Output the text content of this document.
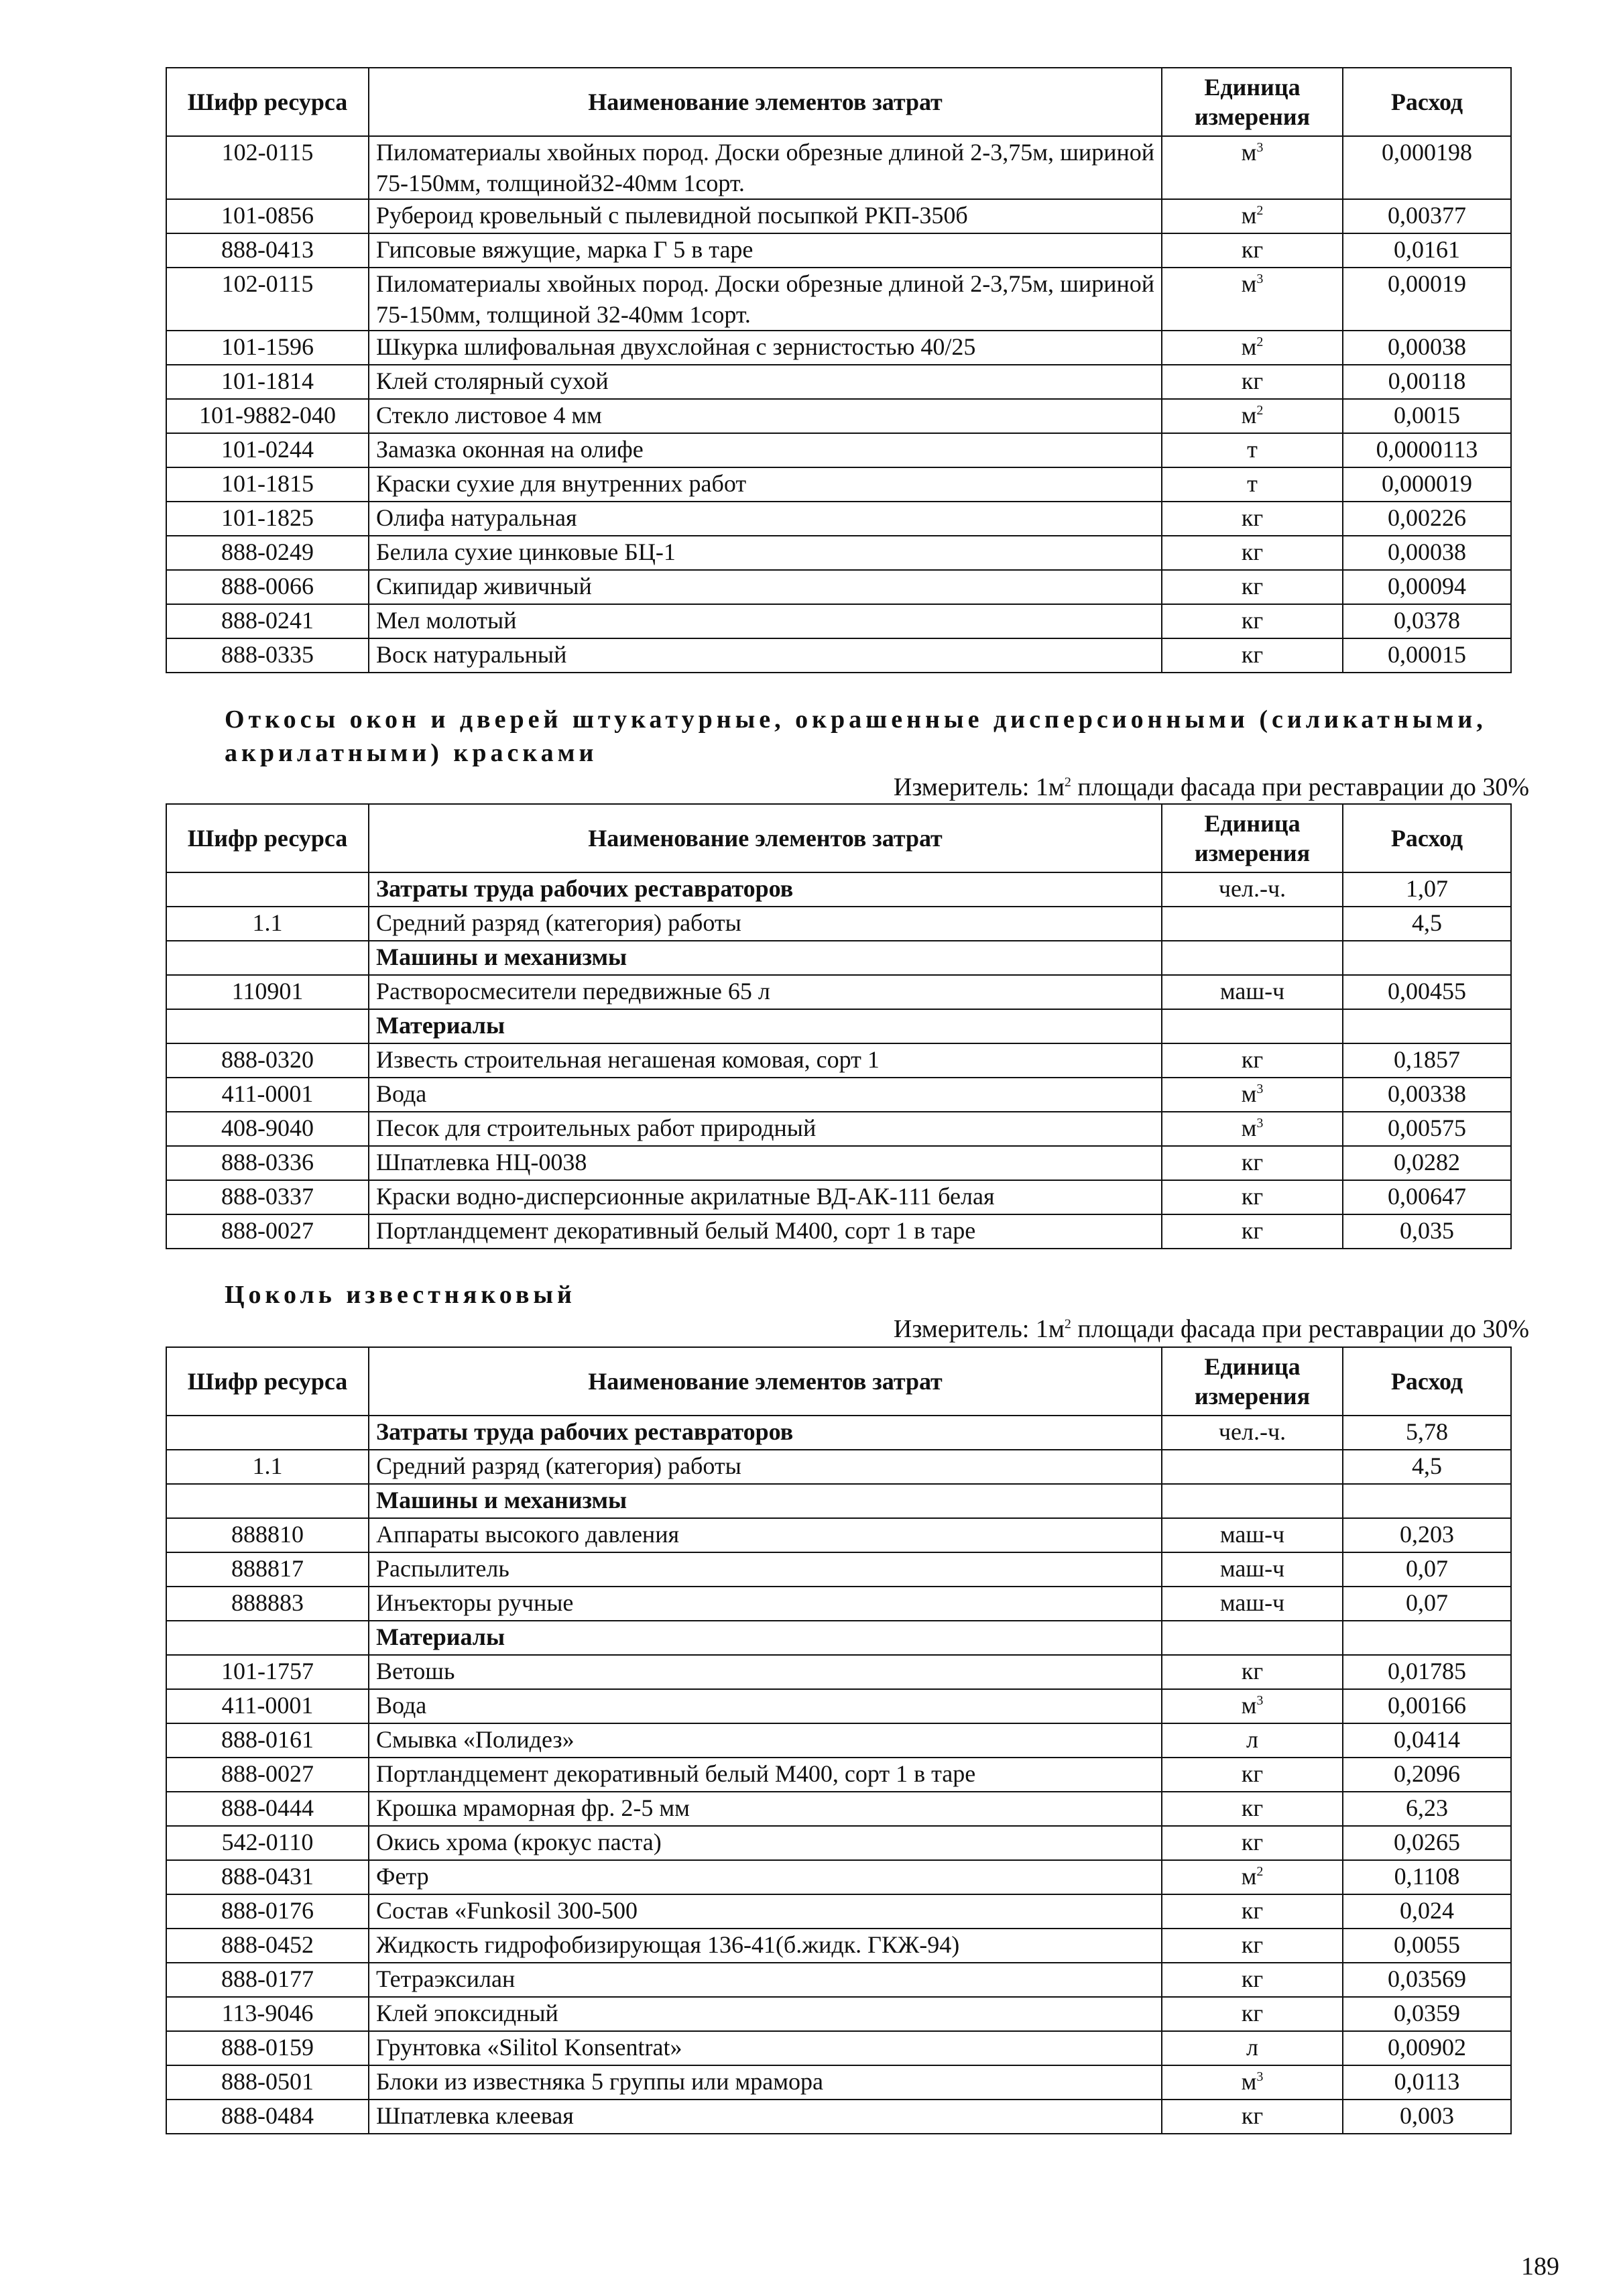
Шифр ресурса	Наименование элементов затрат	Единица измерения	Расход
102-0115	Пиломатериалы хвойных пород. Доски обрезные длиной 2-3,75м, шириной 75-150мм, толщиной32-40мм 1сорт.	$м^3$	0,000198
101-0856	Рубероид кровельный с пылевидной посыпкой РКП-350б	$м^2$	0,00377
888-0413	Гипсовые вяжущие, марка Г 5 в таре	кг	0,0161
102-0115	Пиломатериалы хвойных пород. Доски обрезные длиной 2-3,75м, шириной 75-150мм, толщиной 32-40мм 1сорт.	$м^3$	0,00019
101-1596	Шкурка шлифовальная двухслойная с зернистостью 40/25	$м^2$	0,00038
101-1814	Клей столярный сухой	кг	0,00118
101-9882-040	Стекло листовое 4 мм	$м^2$	0,0015
101-0244	Замазка оконная на олифе	т	0,0000113
101-1815	Краски сухие для внутренних работ	т	0,000019
101-1825	Олифа натуральная	кг	0,00226
888-0249	Белила сухие цинковые БЦ-1	кг	0,00038
888-0066	Скипидар живичный	кг	0,00094
888-0241	Мел молотый	кг	0,0378
888-0335	Воск натуральный	кг	0,00015

Откосы окон и дверей штукатурные, окрашенные дисперсионными (силикатными,
акрилатными) красками

Измеритель: $1м^2$ площади фасада при реставрации до 30%
Шифр ресурса	Наименование элементов затрат	Единица измерения	Расход
	Затраты труда рабочих реставраторов	чел.-ч.	1,07
1.1	Средний разряд (категория) работы		4,5
	Машины и механизмы		
110901	Растворосмесители передвижные 65 л	маш-ч	0,00455
	Материалы		
888-0320	Известь строительная негашеная комовая, сорт 1	кг	0,1857
411-0001	Вода	$м^3$	0,00338
408-9040	Песок для строительных работ природный	$м^3$	0,00575
888-0336	Шпатлевка НЦ-0038	кг	0,0282
888-0337	Краски водно-дисперсионные акрилатные ВД-АК-111 белая	кг	0,00647
888-0027	Портландцемент декоративный белый М400, сорт 1 в таре	кг	0,035

Цоколь известняковый

Измеритель: $1м^2$ площади фасада при реставрации до 30%
Шифр ресурса	Наименование элементов затрат	Единица измерения	Расход
	Затраты труда рабочих реставраторов	чел.-ч.	5,78
1.1	Средний разряд (категория) работы		4,5
	Машины и механизмы		
888810	Аппараты высокого давления	маш-ч	0,203
888817	Распылитель	маш-ч	0,07
888883	Инъекторы ручные	маш-ч	0,07
	Материалы		
101-1757	Ветошь	кг	0,01785
411-0001	Вода	$м^3$	0,00166
888-0161	Смывка «Полидез»	л	0,0414
888-0027	Портландцемент декоративный белый М400, сорт 1 в таре	кг	0,2096
888-0444	Крошка мраморная фр. 2-5 мм	кг	6,23
542-0110	Окись хрома (крокус паста)	кг	0,0265
888-0431	Фетр	$м^2$	0,1108
888-0176	Состав «Funkosil 300-500	кг	0,024
888-0452	Жидкость гидрофобизирующая 136-41(б.жидк. ГКЖ-94)	кг	0,0055
888-0177	Тетраэксилан	кг	0,03569
113-9046	Клей эпоксидный	кг	0,0359
888-0159	Грунтовка «Silitol Konsentrat»	л	0,00902
888-0501	Блоки из известняка 5 группы или мрамора	$м^3$	0,0113
888-0484	Шпатлевка клеевая	кг	0,003
189
